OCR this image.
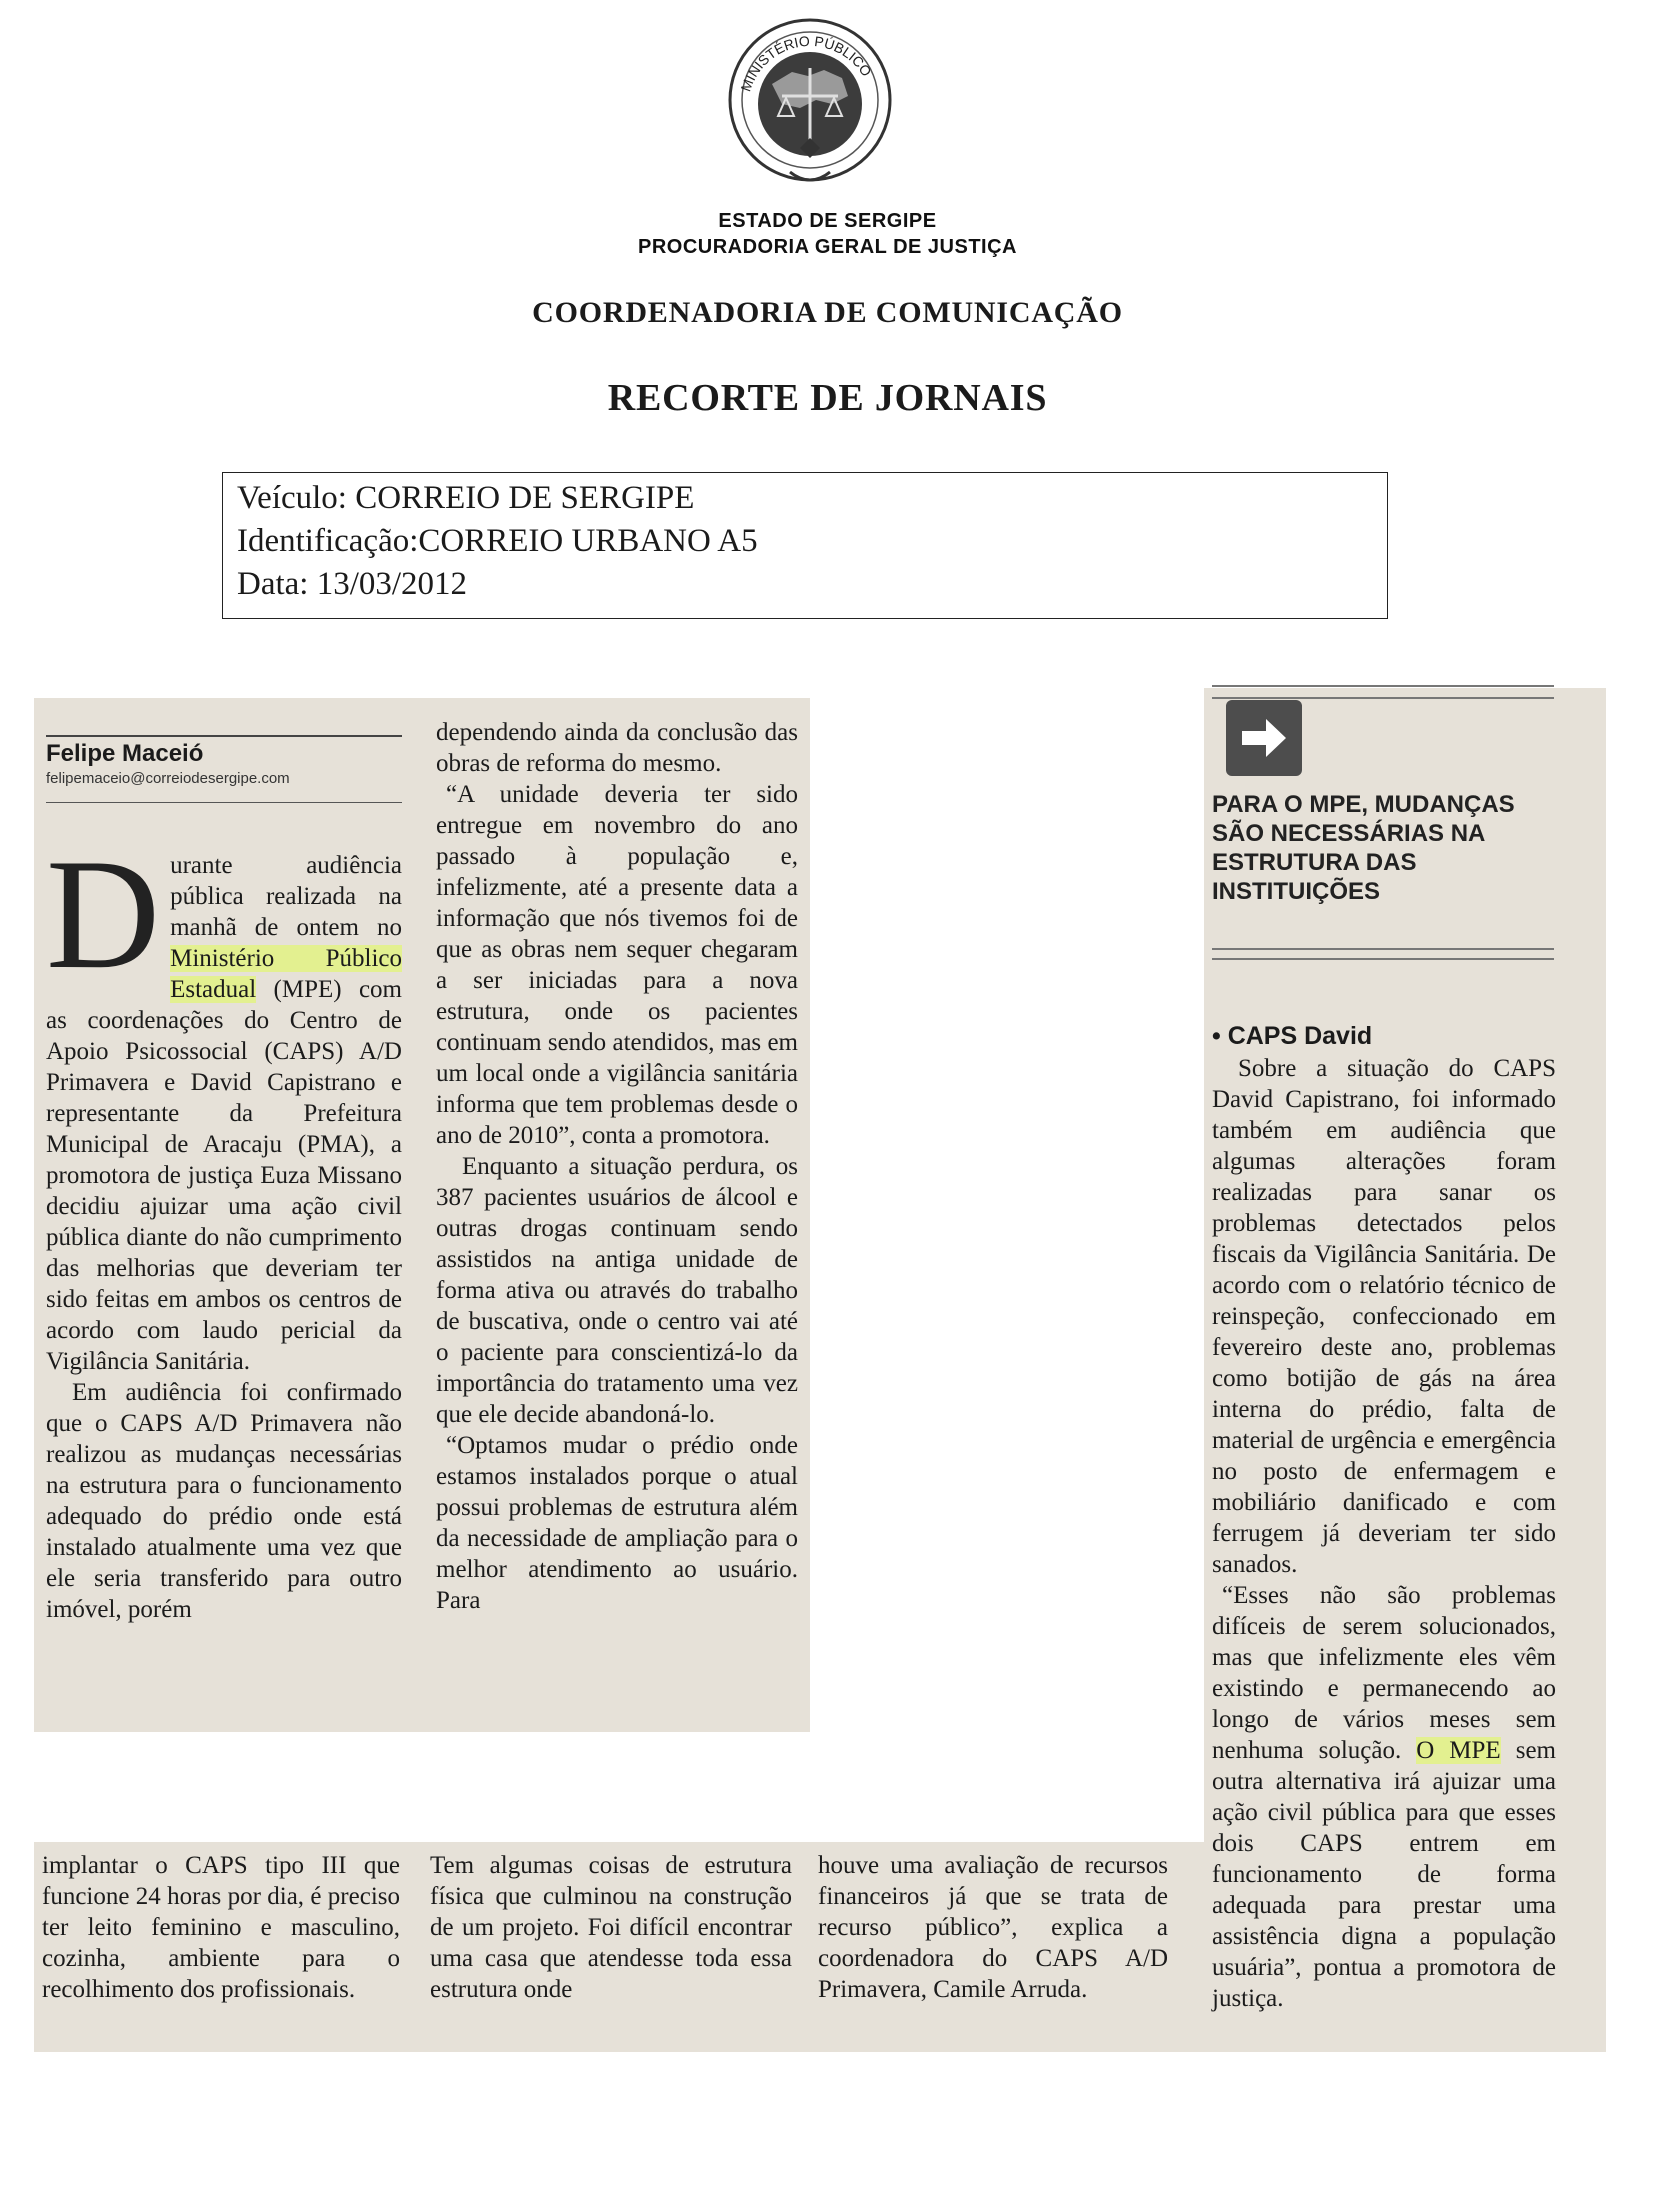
MINISTÉRIO PÚBLICO
ESTADO DE SERGIPE
PROCURADORIA GERAL DE JUSTIÇA
COORDENADORIA DE COMUNICAÇÃO
RECORTE DE JORNAIS
Veículo: CORREIO DE SERGIPE
Identificação:CORREIO URBANO A5
Data: 13/03/2012
Felipe Maceió
felipemaceio@correiodesergipe.com

Durante audiência pública realizada na manhã de ontem no Ministério Público Estadual (MPE) com as coordenações do Centro de Apoio Psicossocial (CAPS) A/D Primavera e David Capistrano e representante da Prefeitura Municipal de Aracaju (PMA), a promotora de justiça Euza Missano decidiu ajuizar uma ação civil pública diante do não cumprimento das melhorias que deveriam ter sido feitas em ambos os centros de acordo com laudo pericial da Vigilância Sanitária.

Em audiência foi confirmado que o CAPS A/D Primavera não realizou as mudanças necessárias na estrutura para o funcionamento adequado do prédio onde está instalado atualmente uma vez que ele seria transferido para outro imóvel, porém

dependendo ainda da conclusão das obras de reforma do mesmo.

“A unidade deveria ter sido entregue em novembro do ano passado à população e, infelizmente, até a presente data a informação que nós tivemos foi de que as obras nem sequer chegaram a ser iniciadas para a nova estrutura, onde os pacientes continuam sendo atendidos, mas em um local onde a vigilância sanitária informa que tem problemas desde o ano de 2010”, conta a promotora.

Enquanto a situação perdura, os 387 pacientes usuários de álcool e outras drogas continuam sendo assistidos na antiga unidade de forma ativa ou através do trabalho de buscativa, onde o centro vai até o paciente para conscientizá-lo da importância do tratamento uma vez que ele decide abandoná-lo.

“Optamos mudar o prédio onde estamos instalados porque o atual possui problemas de estrutura além da necessidade de ampliação para o melhor atendimento ao usuário. Para

PARA O MPE, MUDANÇAS SÃO NECESSÁRIAS NA ESTRUTURA DAS INSTITUIÇÕES
• CAPS David

Sobre a situação do CAPS David Capistrano, foi informado também em audiência que algumas alterações foram realizadas para sanar os problemas detectados pelos fiscais da Vigilância Sanitária. De acordo com o relatório técnico de reinspeção, confeccionado em fevereiro deste ano, problemas como botijão de gás na área interna do prédio, falta de material de urgência e emergência no posto de enfermagem e mobiliário danificado e com ferrugem já deveriam ter sido sanados.

“Esses não são problemas difíceis de serem solucionados, mas que infelizmente eles vêm existindo e permanecendo ao longo de vários meses sem nenhuma solução. O MPE sem outra alternativa irá ajuizar uma ação civil pública para que esses dois CAPS entrem em funcionamento de forma adequada para prestar uma assistência digna a população usuária”, pontua a promotora de justiça.

implantar o CAPS tipo III que funcione 24 horas por dia, é preciso ter leito feminino e masculino, cozinha, ambiente para o recolhimento dos profissionais.

Tem algumas coisas de estrutura física que culminou na construção de um projeto. Foi difícil encontrar uma casa que atendesse toda essa estrutura onde

houve uma avaliação de recursos financeiros já que se trata de recurso público”, explica a coordenadora do CAPS A/D Primavera, Camile Arruda.
